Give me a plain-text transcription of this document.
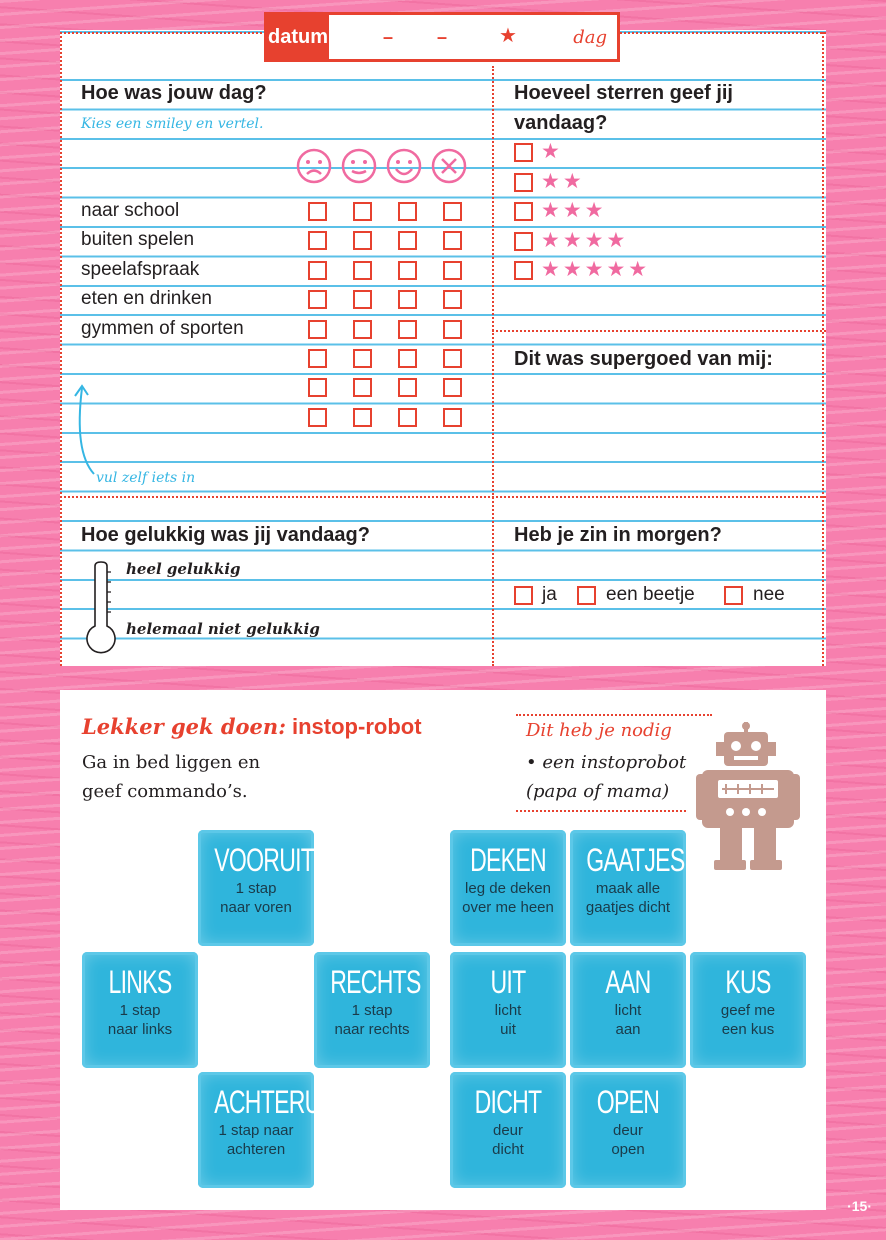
Hoe was jouw dag?
Kies een smiley en vertel.
naar school
buiten spelen
speelafspraak
eten en drinken
gymmen of sporten
vul zelf iets in
Hoeveel sterren geef jij
vandaag?
★
★★
★★★
★★★★
★★★★★
Dit was supergoed van mij:
Hoe gelukkig was jij vandaag?
heel gelukkig
helemaal niet gelukkig
Heb je zin in morgen?
ja	een beetje	nee
datum	– –	★	dag
Lekker gek doen: instop-robot
Ga in bed liggen en
geef commando’s.
Dit heb je nodig
• een instoprobot
(papa of mama)
VOORUIT
1 stap
naar voren
LINKS
1 stap
naar links
RECHTS
1 stap
naar rechts
ACHTERUIT
1 stap naar
achteren
DEKEN
leg de deken
over me heen
GAATJES
maak alle
gaatjes dicht
UIT
licht
uit
AAN
licht
aan
KUS
geef me
een kus
DICHT
deur
dicht
OPEN
deur
open
·15·
